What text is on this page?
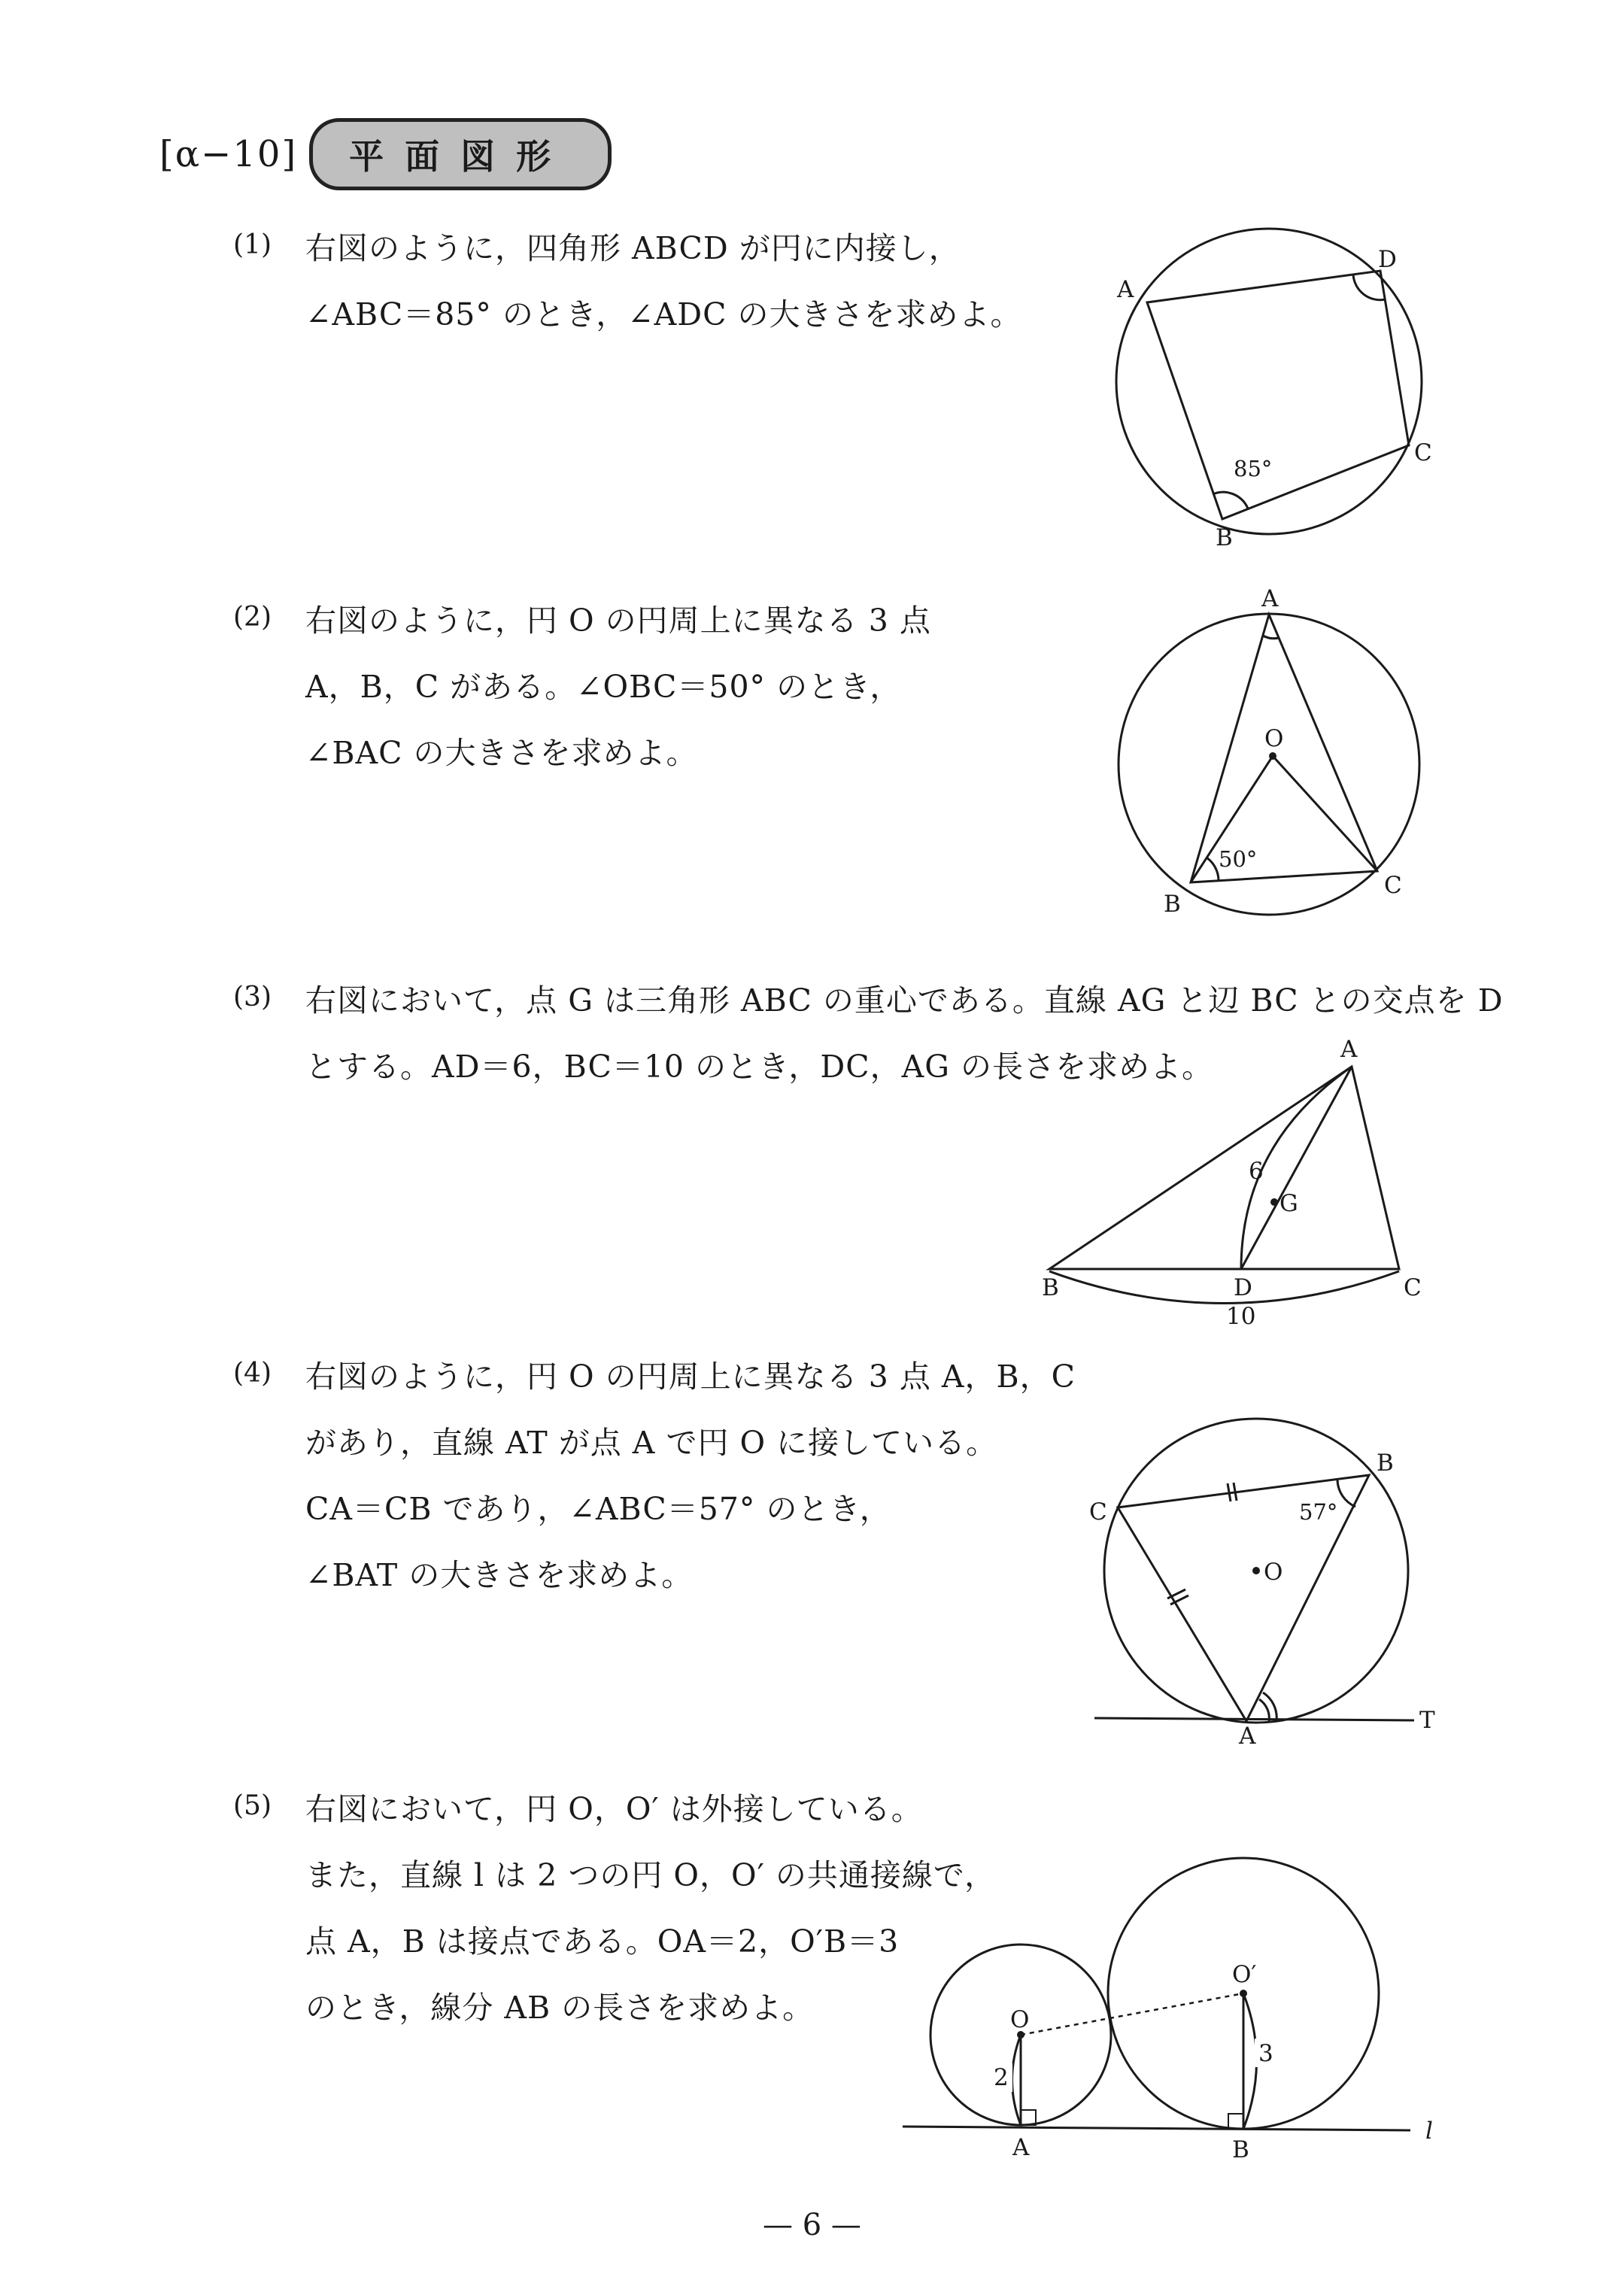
[α−10]	平面図形
(1) 右図のように，四角形 ABCD が円に内接し，
∠ABC＝85° のとき，∠ADC の大きさを求めよ。
(2) 右図のように，円 O の円周上に異なる 3 点
A，B，C がある。∠OBC＝50° のとき，
∠BAC の大きさを求めよ。
(3) 右図において，点 G は三角形 ABC の重心である。直線 AG と辺 BC との交点を D
とする。AD＝6，BC＝10 のとき，DC，AG の長さを求めよ。
(4) 右図のように，円 O の円周上に異なる 3 点 A，B，C
があり，直線 AT が点 A で円 O に接している。
CA＝CB であり，∠ABC＝57° のとき，
∠BAT の大きさを求めよ。
(5) 右図において，円 O，O′ は外接している。
また，直線 l は 2 つの円 O，O′ の共通接線で，
点 A，B は接点である。OA＝2，O′B＝3
のとき，線分 AB の長さを求めよ。
A
D
C
B
85°
A
O
B
C
50°
A
B	D	C
G
6
10
B
C
O
A
T
57°
O
O′
A	B
l
2
3
— 6 —
